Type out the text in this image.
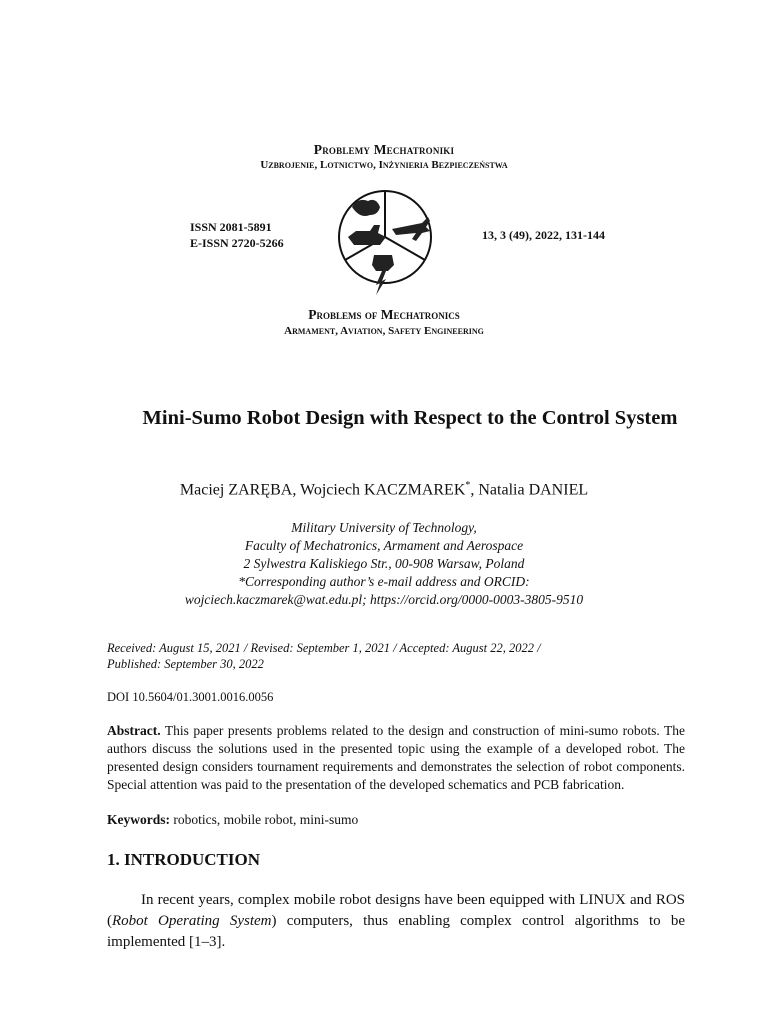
Problemy Mechatroniki
Uzbrojenie, Lotnictwo, Inżynieria Bezpieczeństwa
ISSN 2081-5891
E-ISSN 2720-5266
13, 3 (49), 2022, 131-144
Problems of Mechatronics
Armament, Aviation, Safety Engineering
Mini-Sumo Robot Design with Respect to the Control System
Maciej ZARĘBA, Wojciech KACZMAREK*, Natalia DANIEL
Military University of Technology,
Faculty of Mechatronics, Armament and Aerospace
2 Sylwestra Kaliskiego Str., 00-908 Warsaw, Poland
*Corresponding author’s e-mail address and ORCID:
wojciech.kaczmarek@wat.edu.pl; https://orcid.org/0000-0003-3805-9510
Received: August 15, 2021 / Revised: September 1, 2021 / Accepted: August 22, 2022 /
Published: September 30, 2022
DOI 10.5604/01.3001.0016.0056
Abstract. This paper presents problems related to the design and construction of mini-sumo robots. The authors discuss the solutions used in the presented topic using the example of a developed robot. The presented design considers tournament requirements and demonstrates the selection of robot components. Special attention was paid to the presentation of the developed schematics and PCB fabrication.
Keywords: robotics, mobile robot, mini-sumo
1. INTRODUCTION
In recent years, complex mobile robot designs have been equipped with LINUX and ROS (Robot Operating System) computers, thus enabling complex control algorithms to be implemented [1–3].
